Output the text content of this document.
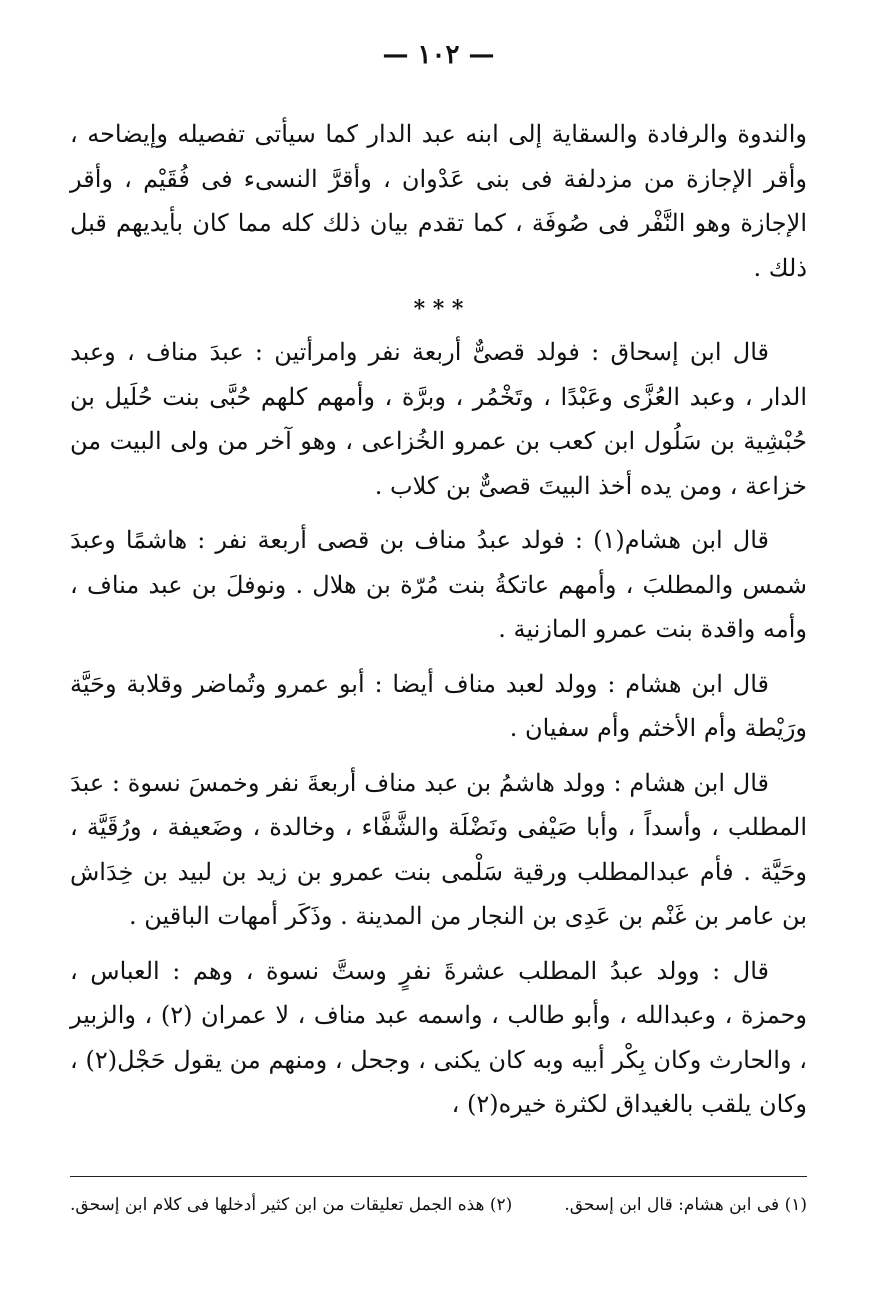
— ١٠٢ —

والندوة والرفادة والسقاية إلى ابنه عبد الدار كما سيأتى تفصيله وإيضاحه ، وأقر الإجازة من مزدلفة فى بنى عَدْوان ، وأقرَّ النسىء فى فُقَيْم ، وأقر الإجازة وهو النَّفْر فى صُوفَة ، كما تقدم بيان ذلك كله مما كان بأيديهم قبل ذلك .

* * *

قال ابن إسحاق : فولد قصىٌّ أربعة نفر وامرأتين : عبدَ مناف ، وعبد الدار ، وعبد العُزَّى وعَبْدًا ، وتَخْمُر ، وبرَّة ، وأمهم كلهم حُبَّى بنت حُلَيل بن حُبْشِية بن سَلُول ابن كعب بن عمرو الخُزاعى ، وهو آخر من ولى البيت من خزاعة ، ومن يده أخذ البيتَ قصىٌّ بن كلاب .

قال ابن هشام(١) : فولد عبدُ مناف بن قصى أربعة نفر : هاشمًا وعبدَ شمس والمطلبَ ، وأمهم عاتكةُ بنت مُرّة بن هلال . ونوفلَ بن عبد مناف ، وأمه واقدة بنت عمرو المازنية .

قال ابن هشام : وولد لعبد مناف أيضا : أبو عمرو وتُماضر وقلابة وحَيَّة ورَيْطة وأم الأخثم وأم سفيان .

قال ابن هشام : وولد هاشمُ بن عبد مناف أربعةَ نفر وخمسَ نسوة : عبدَ المطلب ، وأسداً ، وأبا صَيْفى ونَضْلَة والشَّفَّاء ، وخالدة ، وضَعيفة ، ورُقَيَّة ، وحَيَّة . فأم عبدالمطلب ورقية سَلْمى بنت عمرو بن زيد بن لبيد بن خِدَاش بن عامر بن غَنْم بن عَدِى بن النجار من المدينة . وذَكَر أمهات الباقين .

قال : وولد عبدُ المطلب عشرةَ نفرٍ وستَّ نسوة ، وهم : العباس ، وحمزة ، وعبدالله ، وأبو طالب ، واسمه عبد مناف ، لا عمران (٢) ، والزبير ، والحارث وكان بِكْر أبيه وبه كان يكنى ، وجحل ، ومنهم من يقول حَجْل(٢) ، وكان يلقب بالغيداق لكثرة خيره(٢) ،

(١) فى ابن هشام: قال ابن إسحق.
(٢) هذه الجمل تعليقات من ابن كثير أدخلها فى كلام ابن إسحق.
